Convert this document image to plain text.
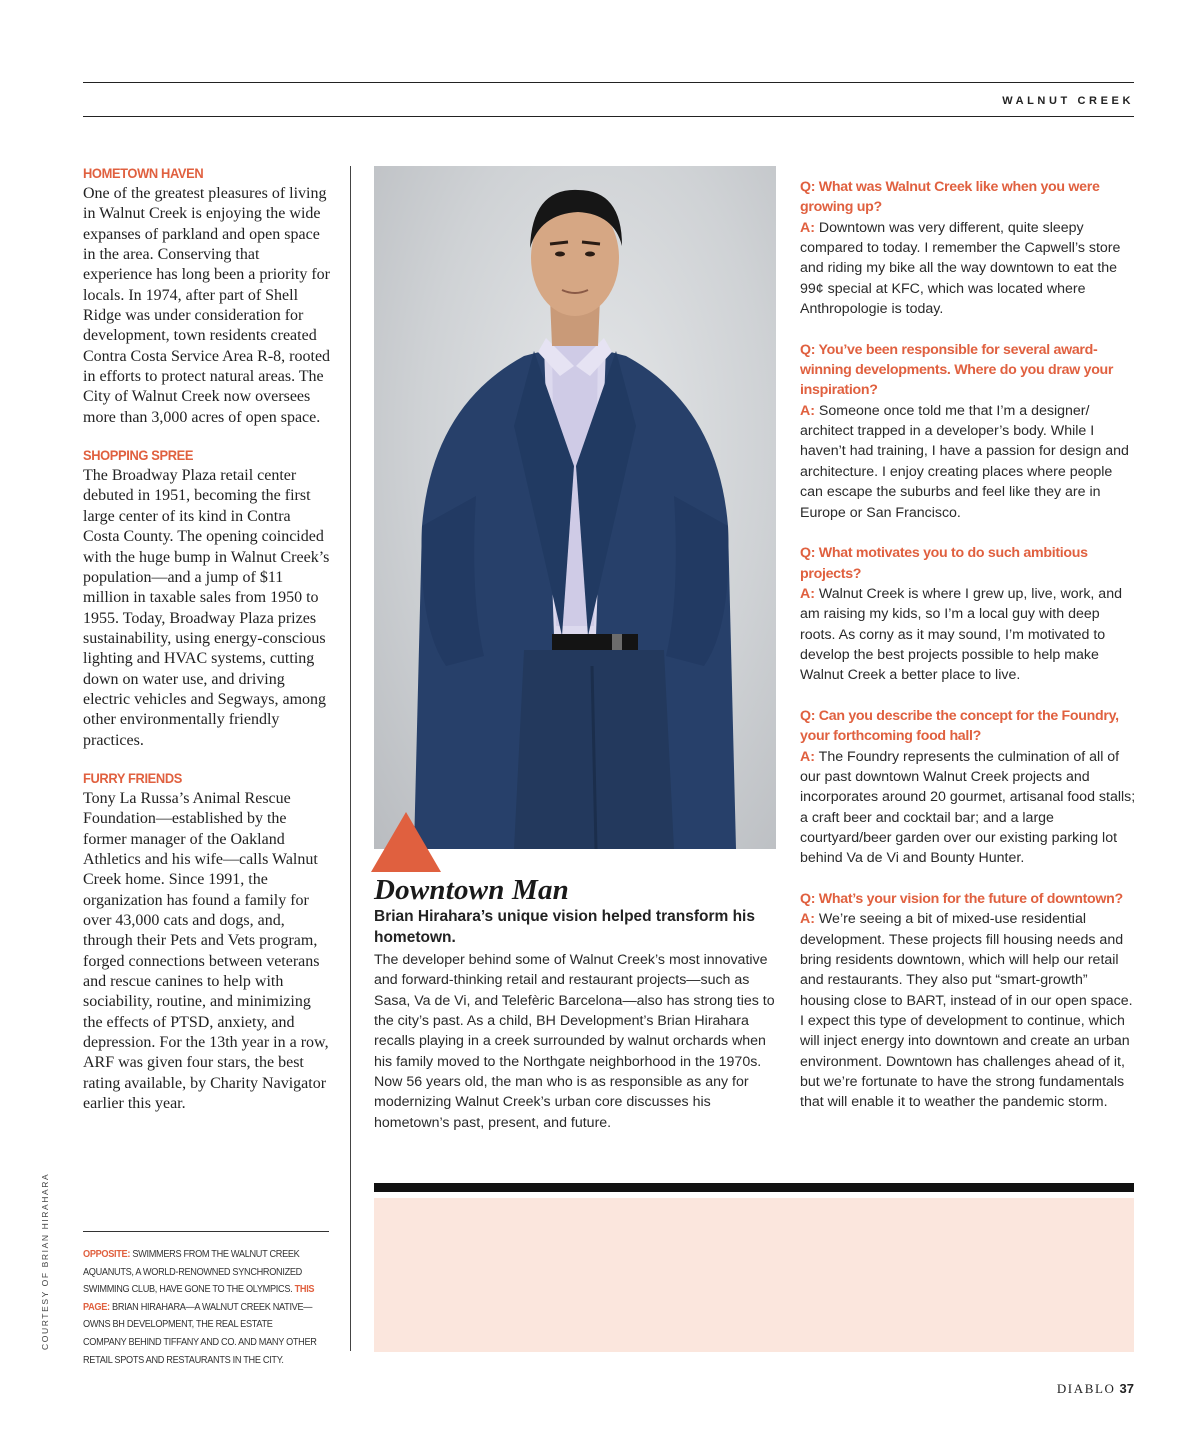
WALNUT CREEK
HOMETOWN HAVEN

One of the greatest pleasures of living in Walnut Creek is enjoying the wide expanses of parkland and open space in the area. Conserving that experience has long been a priority for locals. In 1974, after part of Shell Ridge was under consideration for development, town residents created Contra Costa Service Area R-8, rooted in efforts to protect natural areas. The City of Walnut Creek now oversees more than 3,000 acres of open space.

SHOPPING SPREE

The Broadway Plaza retail center debuted in 1951, becoming the first large center of its kind in Contra Costa County. The opening coincided with the huge bump in Walnut Creek’s population—and a jump of $11 million in taxable sales from 1950 to 1955. Today, Broadway Plaza prizes sustainability, using energy-conscious lighting and HVAC systems, cutting down on water use, and driving electric vehicles and Segways, among other environmentally friendly practices.

FURRY FRIENDS

Tony La Russa’s Animal Rescue Foundation—established by the former manager of the Oakland Athletics and his wife—calls Walnut Creek home. Since 1991, the organization has found a family for over 43,000 cats and dogs, and, through their Pets and Vets program, forged connections between veterans and rescue canines to help with sociability, routine, and minimizing the effects of PTSD, anxiety, and depression. For the 13th year in a row, ARF was given four stars, the best rating available, by Charity Navigator earlier this year.

OPPOSITE: SWIMMERS FROM THE WALNUT CREEK AQUANUTS, A WORLD-RENOWNED SYNCHRONIZED SWIMMING CLUB, HAVE GONE TO THE OLYMPICS. THIS PAGE: BRIAN HIRAHARA—A WALNUT CREEK NATIVE—OWNS BH DEVELOPMENT, THE REAL ESTATE COMPANY BEHIND TIFFANY AND CO. AND MANY OTHER RETAIL SPOTS AND RESTAURANTS IN THE CITY.
COURTESY OF BRIAN HIRAHARA
Downtown Man
Brian Hirahara’s unique vision helped transform his hometown.
The developer behind some of Walnut Creek’s most innovative and forward-thinking retail and restaurant projects—such as Sasa, Va de Vi, and Telefèric Barcelona—also has strong ties to the city’s past. As a child, BH Development’s Brian Hirahara recalls playing in a creek surrounded by walnut orchards when his family moved to the Northgate neighborhood in the 1970s. Now 56 years old, the man who is as responsible as any for modernizing Walnut Creek’s urban core discusses his hometown’s past, present, and future.
Q: What was Walnut Creek like when you were growing up?
A: Downtown was very different, quite sleepy compared to today. I remember the Capwell’s store and riding my bike all the way downtown to eat the 99¢ special at KFC, which was located where Anthropologie is today.
Q: You’ve been responsible for several award-winning developments. Where do you draw your inspiration?
A: Someone once told me that I’m a designer/ architect trapped in a developer’s body. While I haven’t had training, I have a passion for design and architecture. I enjoy creating places where people can escape the suburbs and feel like they are in Europe or San Francisco.
Q: What motivates you to do such ambitious projects?
A: Walnut Creek is where I grew up, live, work, and am raising my kids, so I’m a local guy with deep roots. As corny as it may sound, I’m motivated to develop the best projects possible to help make Walnut Creek a better place to live.
Q: Can you describe the concept for the Foundry, your forthcoming food hall?
A: The Foundry represents the culmination of all of our past downtown Walnut Creek projects and incorporates around 20 gourmet, artisanal food stalls; a craft beer and cocktail bar; and a large courtyard/beer garden over our existing parking lot behind Va de Vi and Bounty Hunter.
Q: What’s your vision for the future of downtown?
A: We’re seeing a bit of mixed-use residential development. These projects fill housing needs and bring residents downtown, which will help our retail and restaurants. They also put “smart-growth” housing close to BART, instead of in our open space. I expect this type of development to continue, which will inject energy into downtown and create an urban environment. Downtown has challenges ahead of it, but we’re fortunate to have the strong fundamentals that will enable it to weather the pandemic storm.
DIABLO 37
